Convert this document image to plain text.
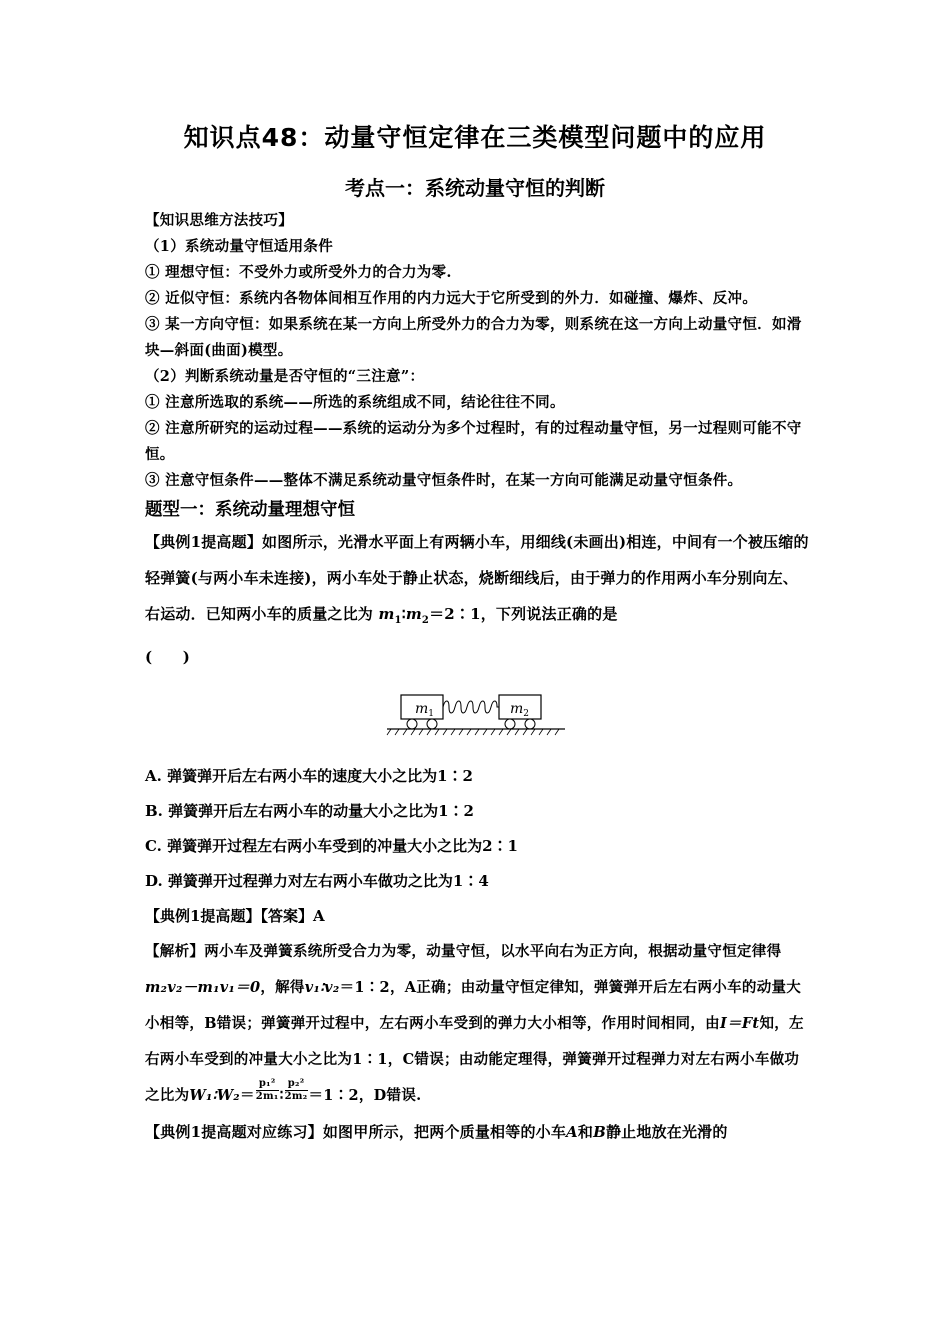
知识点48：动量守恒定律在三类模型问题中的应用
考点一：系统动量守恒的判断
【知识思维方法技巧】
（1）系统动量守恒适用条件
① 理想守恒：不受外力或所受外力的合力为零.
② 近似守恒：系统内各物体间相互作用的内力远大于它所受到的外力．如碰撞、爆炸、反冲。
③ 某一方向守恒：如果系统在某一方向上所受外力的合力为零，则系统在这一方向上动量守恒．如滑块—斜面(曲面)模型。
（2）判断系统动量是否守恒的“三注意”：
① 注意所选取的系统——所选的系统组成不同，结论往往不同。
② 注意所研究的运动过程——系统的运动分为多个过程时，有的过程动量守恒，另一过程则可能不守恒。
③ 注意守恒条件——整体不满足系统动量守恒条件时，在某一方向可能满足动量守恒条件。
题型一：系统动量理想守恒
【典例1提高题】如图所示，光滑水平面上有两辆小车，用细线(未画出)相连，中间有一个被压缩的轻弹簧(与两小车未连接)，两小车处于静止状态，烧断细线后，由于弹力的作用两小车分别向左、右运动．已知两小车的质量之比为 $m_1∶m_2=2∶1$，下列说法正确的是
(　　)
$m_1$	$m_2$
A. 弹簧弹开后左右两小车的速度大小之比为1∶2
B. 弹簧弹开后左右两小车的动量大小之比为1∶2
C. 弹簧弹开过程左右两小车受到的冲量大小之比为2∶1
D. 弹簧弹开过程弹力对左右两小车做功之比为1∶4
【典例1提高题】【答案】A
【解析】两小车及弹簧系统所受合力为零，动量守恒，以水平向右为正方向，根据动量守恒定律得m₂v₂－m₁v₁＝0，解得v₁∶v₂＝1∶2，A正确；由动量守恒定律知，弹簧弹开后左右两小车的动量大小相等，B错误；弹簧弹开过程中，左右两小车受到的弹力大小相等，作用时间相同，由I＝Ft知，左右两小车受到的冲量大小之比为1∶1，C错误；由动能定理得，弹簧弹开过程弹力对左右两小车做功之比为W₁∶W₂＝ $\frac{\text{p₁²}}{\text{2m₁}}$ ∶ $\frac{\text{p₂²}}{\text{2m₂}}$ ＝1∶2，D错误.
【典例1提高题对应练习】如图甲所示，把两个质量相等的小车A和B静止地放在光滑的
